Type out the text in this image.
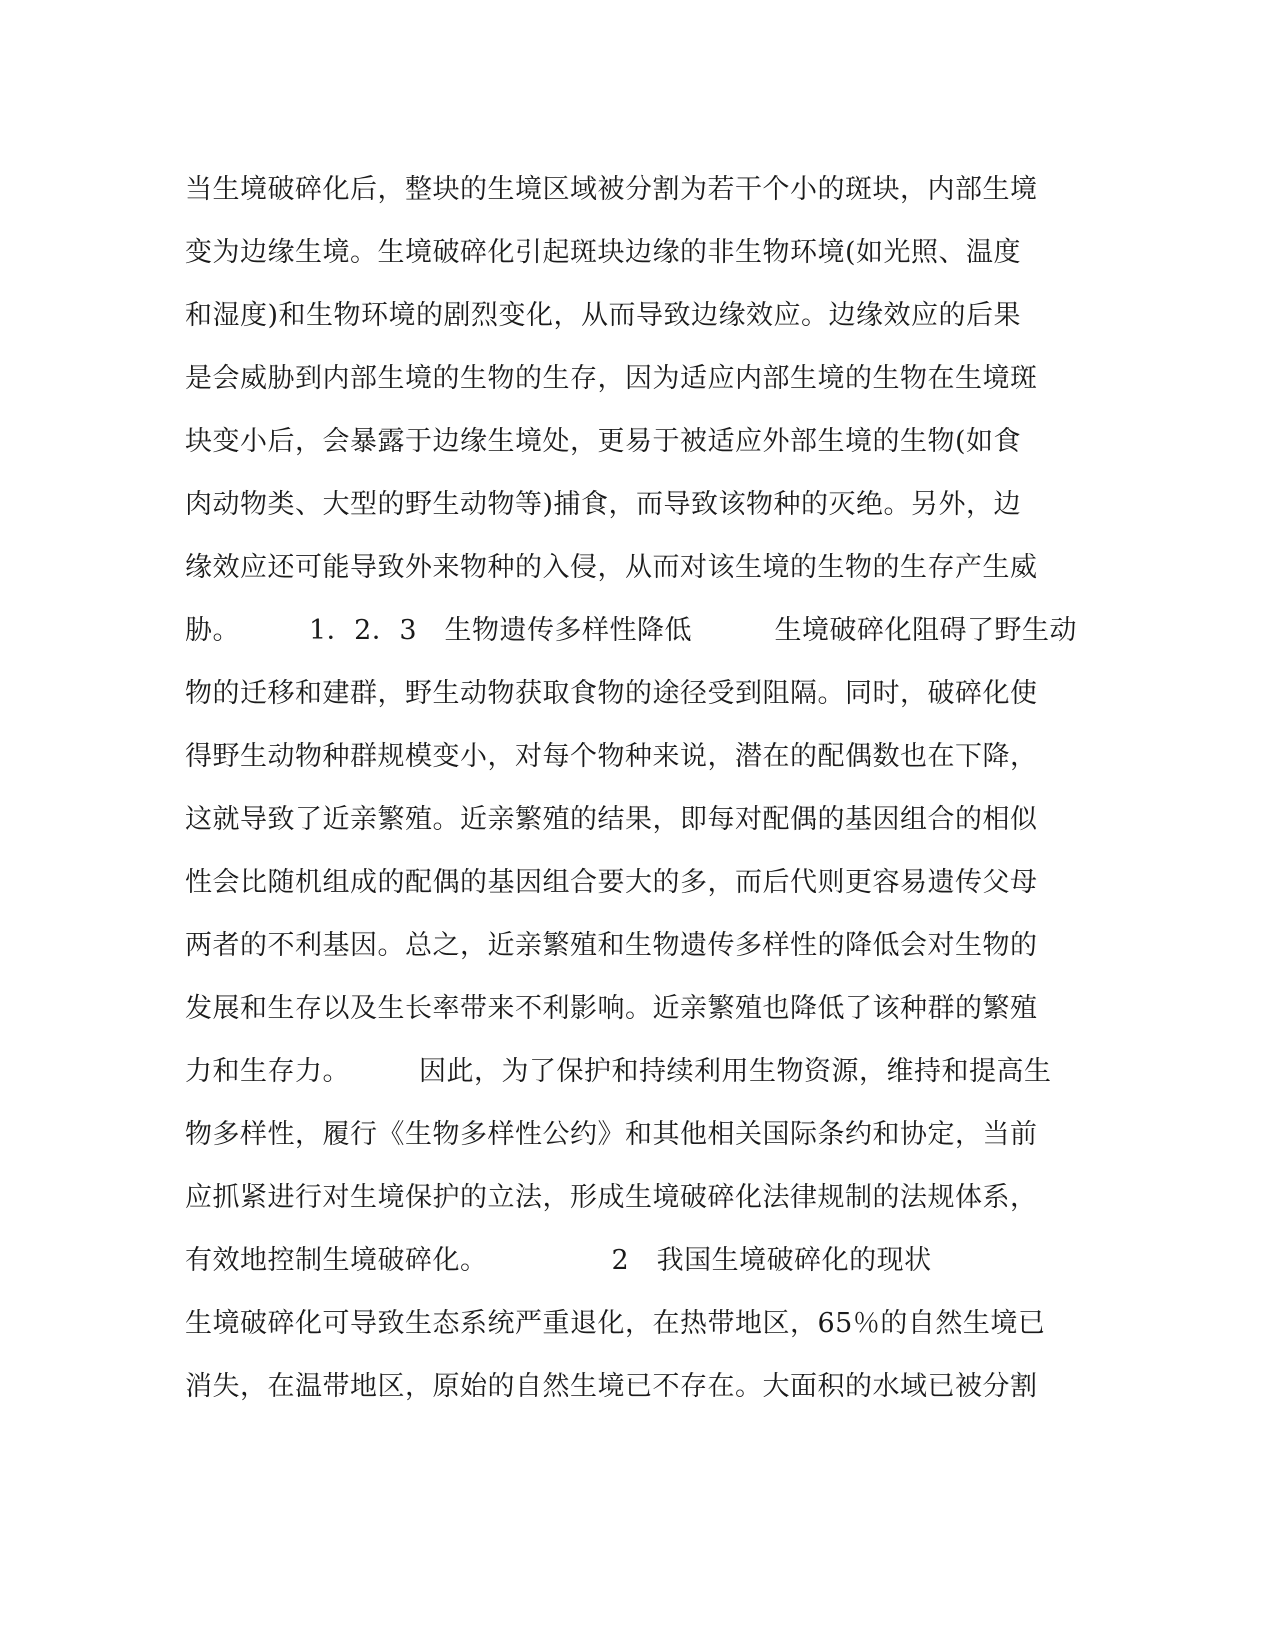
当生境破碎化后，整块的生境区域被分割为若干个小的斑块，内部生境
变为边缘生境。生境破碎化引起斑块边缘的非生物环境(如光照、温度
和湿度)和生物环境的剧烈变化，从而导致边缘效应。边缘效应的后果
是会威胁到内部生境的生物的生存，因为适应内部生境的生物在生境斑
块变小后，会暴露于边缘生境处，更易于被适应外部生境的生物(如食
肉动物类、大型的野生动物等)捕食，而导致该物种的灭绝。另外，边
缘效应还可能导致外来物种的入侵，从而对该生境的生物的生存产生威
胁。　　　1．2．3　生物遗传多样性降低　　　生境破碎化阻碍了野生动
物的迁移和建群，野生动物获取食物的途径受到阻隔。同时，破碎化使
得野生动物种群规模变小，对每个物种来说，潜在的配偶数也在下降，
这就导致了近亲繁殖。近亲繁殖的结果，即每对配偶的基因组合的相似
性会比随机组成的配偶的基因组合要大的多，而后代则更容易遗传父母
两者的不利基因。总之，近亲繁殖和生物遗传多样性的降低会对生物的
发展和生存以及生长率带来不利影响。近亲繁殖也降低了该种群的繁殖
力和生存力。　　　因此，为了保护和持续利用生物资源，维持和提高生
物多样性，履行《生物多样性公约》和其他相关国际条约和协定，当前
应抓紧进行对生境保护的立法，形成生境破碎化法律规制的法规体系，
有效地控制生境破碎化。　　　　　2　我国生境破碎化的现状
生境破碎化可导致生态系统严重退化，在热带地区，65％的自然生境已
消失，在温带地区，原始的自然生境已不存在。大面积的水域已被分割
